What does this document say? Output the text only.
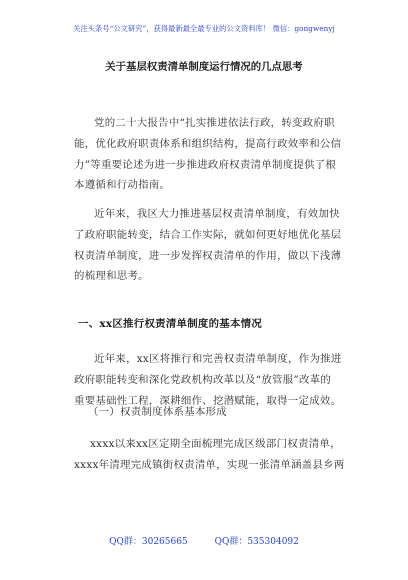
关注头条号“公文研究”，获得最新最全最专业的公文资料库！ 微信：gongwenyj
关于基层权责清单制度运行情况的几点思考
党的二十大报告中“扎实推进依法行政，转变政府职
能，优化政府职责体系和组织结构，提高行政效率和公信
力”等重要论述为进一步推进政府权责清单制度提供了根
本遵循和行动指南。
近年来，我区大力推进基层权责清单制度，有效加快
了政府职能转变，结合工作实际，就如何更好地优化基层
权责清单制度，进一步发挥权责清单的作用，做以下浅薄
的梳理和思考。
一、xx区推行权责清单制度的基本情况
近年来，xx区将推行和完善权责清单制度，作为推进
政府职能转变和深化党政机构改革以及“放管服”改革的
重要基础性工程，深耕细作、挖潜赋能，取得一定成效。
（一）权责制度体系基本形成
xxxx以来xx区定期全面梳理完成区级部门权责清单，
xxxx年清理完成镇街权责清单，实现一张清单涵盖县乡两
QQ群：30265665	QQ群：535304092
